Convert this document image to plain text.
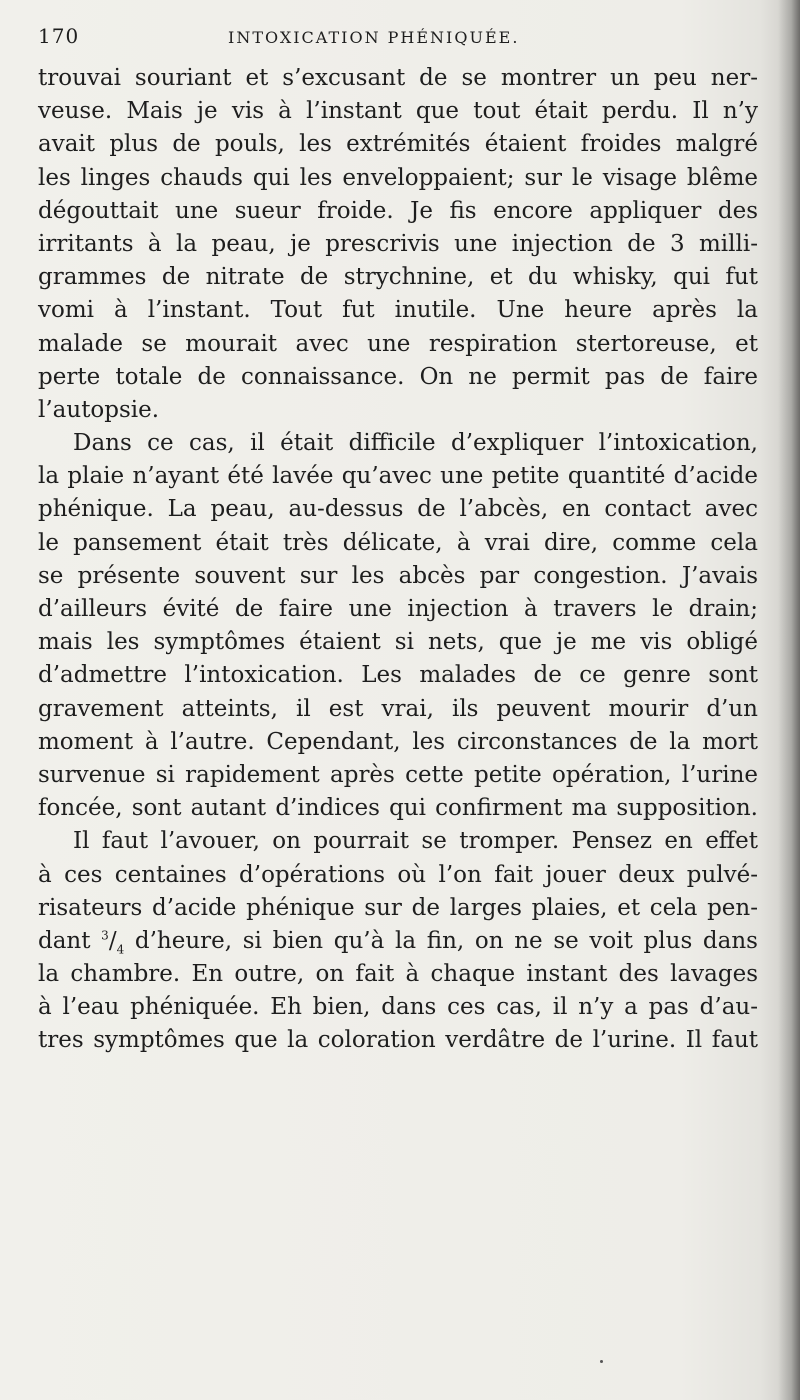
170	INTOXICATION PHÉNIQUÉE.
trouvai souriant et s’excusant de se montrer un peu ner-
veuse. Mais je vis à l’instant que tout était perdu. Il n’y
avait plus de pouls, les extrémités étaient froides malgré
les linges chauds qui les enveloppaient; sur le visage blême
dégouttait une sueur froide. Je fis encore appliquer des
irritants à la peau, je prescrivis une injection de 3 milli-
grammes de nitrate de strychnine, et du whisky, qui fut
vomi à l’instant. Tout fut inutile. Une heure après la
malade se mourait avec une respiration stertoreuse, et
perte totale de connaissance. On ne permit pas de faire
l’autopsie.
Dans ce cas, il était difficile d’expliquer l’intoxication,
la plaie n’ayant été lavée qu’avec une petite quantité d’acide
phénique. La peau, au-dessus de l’abcès, en contact avec
le pansement était très délicate, à vrai dire, comme cela
se présente souvent sur les abcès par congestion. J’avais
d’ailleurs évité de faire une injection à travers le drain;
mais les symptômes étaient si nets, que je me vis obligé
d’admettre l’intoxication. Les malades de ce genre sont
gravement atteints, il est vrai, ils peuvent mourir d’un
moment à l’autre. Cependant, les circonstances de la mort
survenue si rapidement après cette petite opération, l’urine
foncée, sont autant d’indices qui confirment ma supposition.
Il faut l’avouer, on pourrait se tromper. Pensez en effet
à ces centaines d’opérations où l’on fait jouer deux pulvé-
risateurs d’acide phénique sur de larges plaies, et cela pen-
dant $^3/_4$ d’heure, si bien qu’à la fin, on ne se voit plus dans
la chambre. En outre, on fait à chaque instant des lavages
à l’eau phéniquée. Eh bien, dans ces cas, il n’y a pas d’au-
tres symptômes que la coloration verdâtre de l’urine. Il faut
